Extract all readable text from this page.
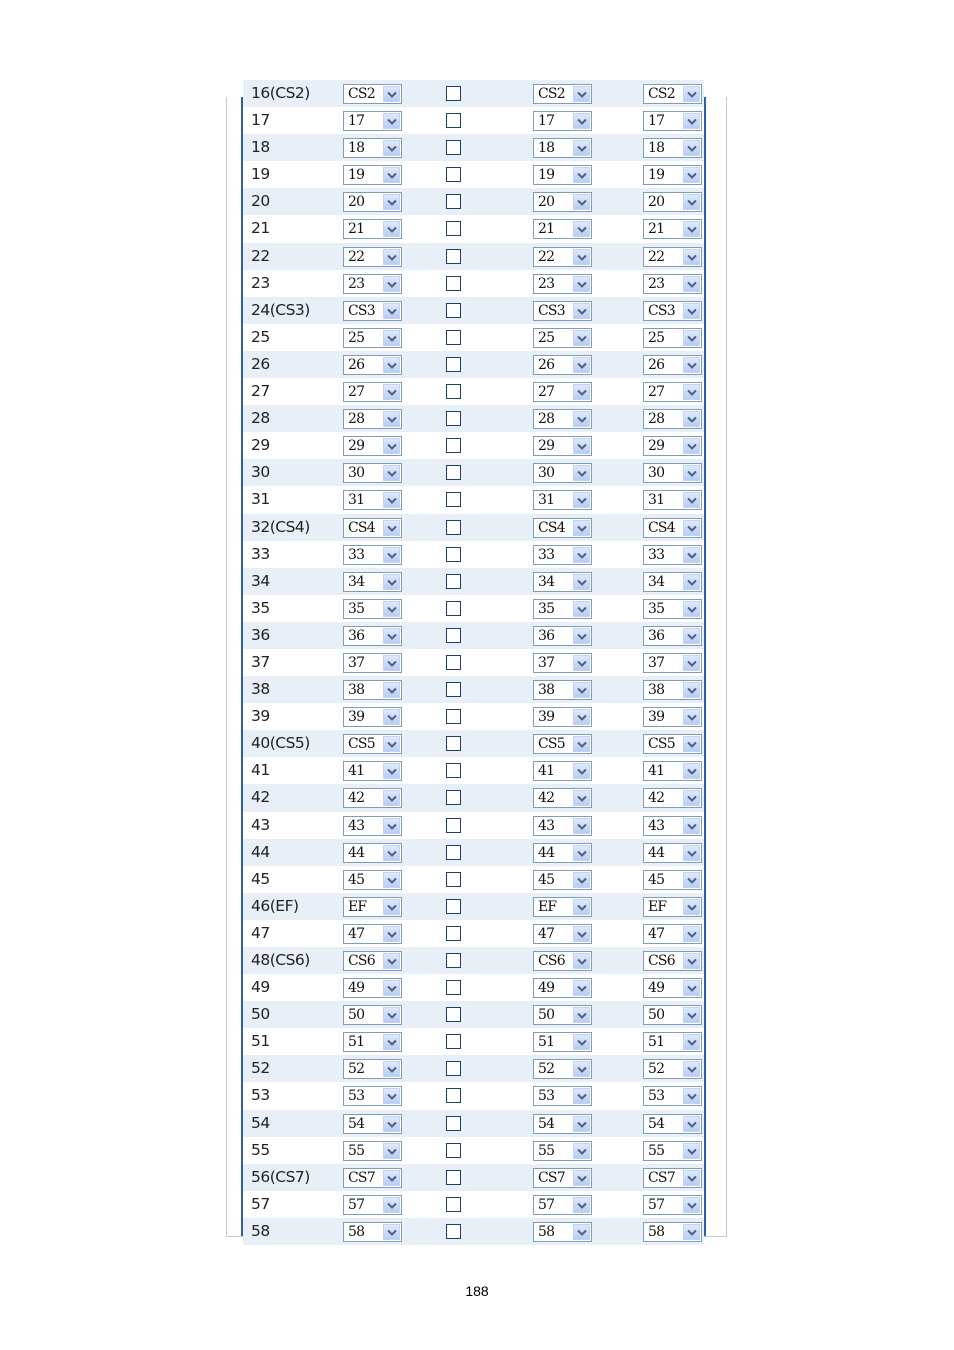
16(CS2)	CS2	CS2	CS2
17	17	17	17
18	18	18	18
19	19	19	19
20	20	20	20
21	21	21	21
22	22	22	22
23	23	23	23
24(CS3)	CS3	CS3	CS3
25	25	25	25
26	26	26	26
27	27	27	27
28	28	28	28
29	29	29	29
30	30	30	30
31	31	31	31
32(CS4)	CS4	CS4	CS4
33	33	33	33
34	34	34	34
35	35	35	35
36	36	36	36
37	37	37	37
38	38	38	38
39	39	39	39
40(CS5)	CS5	CS5	CS5
41	41	41	41
42	42	42	42
43	43	43	43
44	44	44	44
45	45	45	45
46(EF)	EF	EF	EF
47	47	47	47
48(CS6)	CS6	CS6	CS6
49	49	49	49
50	50	50	50
51	51	51	51
52	52	52	52
53	53	53	53
54	54	54	54
55	55	55	55
56(CS7)	CS7	CS7	CS7
57	57	57	57
58	58	58	58
188
